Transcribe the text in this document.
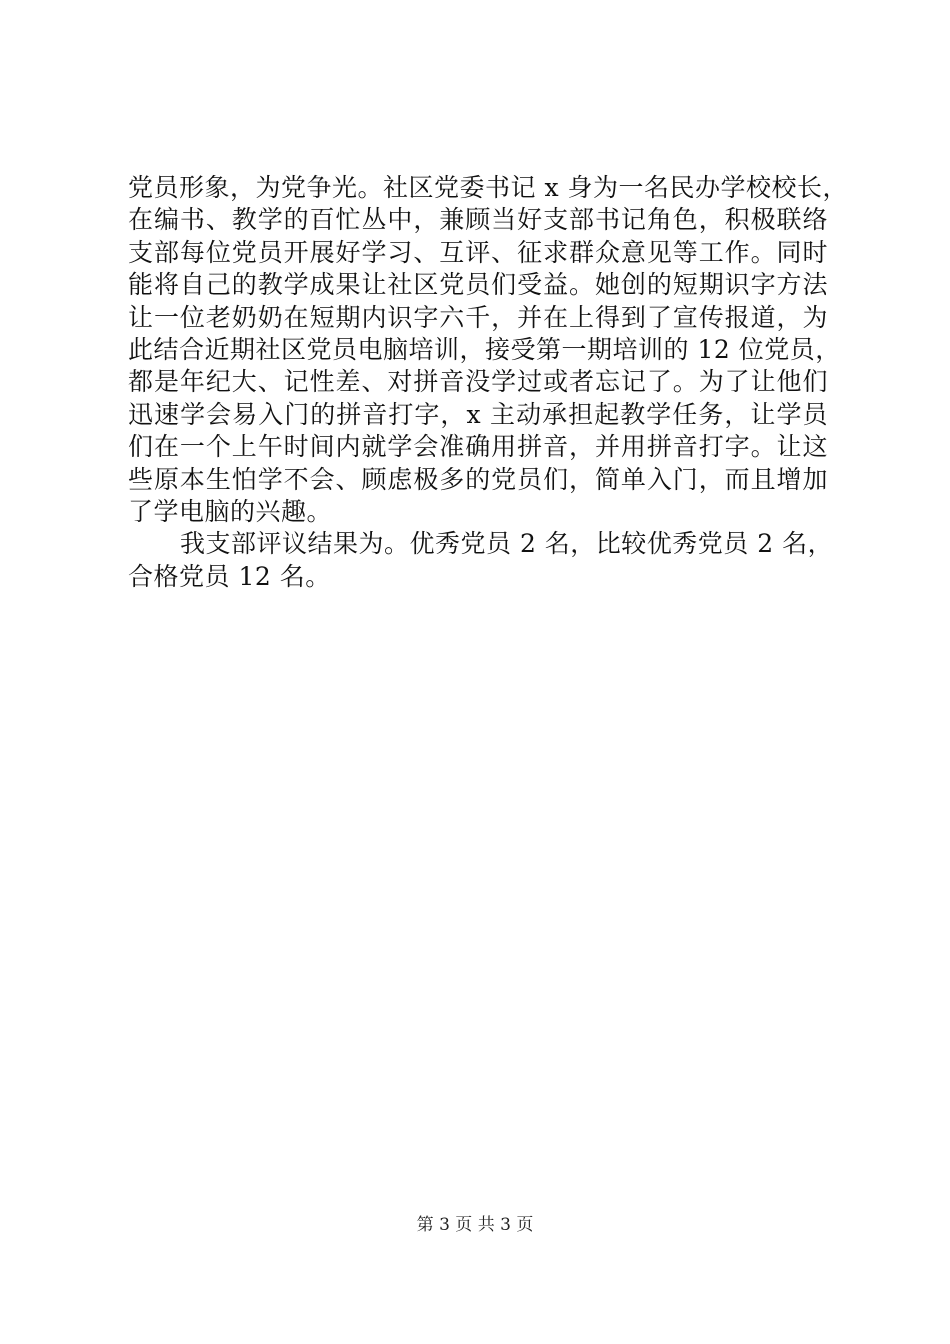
党员形象，为党争光。社区党委书记 x 身为一名民办学校校长，
在编书、教学的百忙丛中，兼顾当好支部书记角色，积极联络
支部每位党员开展好学习、互评、征求群众意见等工作。同时
能将自己的教学成果让社区党员们受益。她创的短期识字方法
让一位老奶奶在短期内识字六千，并在上得到了宣传报道，为
此结合近期社区党员电脑培训，接受第一期培训的 12 位党员，
都是年纪大、记性差、对拼音没学过或者忘记了。为了让他们
迅速学会易入门的拼音打字，x 主动承担起教学任务，让学员
们在一个上午时间内就学会准确用拼音，并用拼音打字。让这
些原本生怕学不会、顾虑极多的党员们，简单入门，而且增加
了学电脑的兴趣。
我支部评议结果为。优秀党员 2 名，比较优秀党员 2 名，
合格党员 12 名。
第 3 页 共 3 页
